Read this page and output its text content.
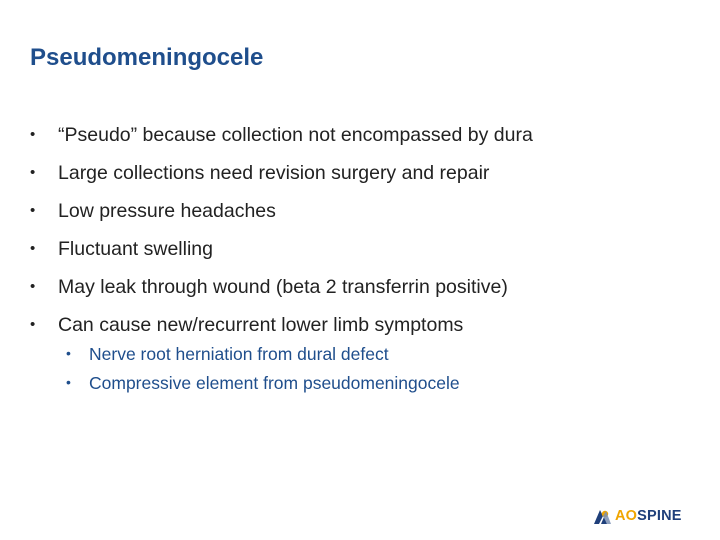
Pseudomeningocele
• “Pseudo” because collection not encompassed by dura
• Large collections need revision surgery and repair
• Low pressure headaches
• Fluctuant swelling
• May leak through wound (beta 2 transferrin positive)
• Can cause new/recurrent lower limb symptoms
• Nerve root herniation from dural defect
• Compressive element from pseudomeningocele
AOSPINE
